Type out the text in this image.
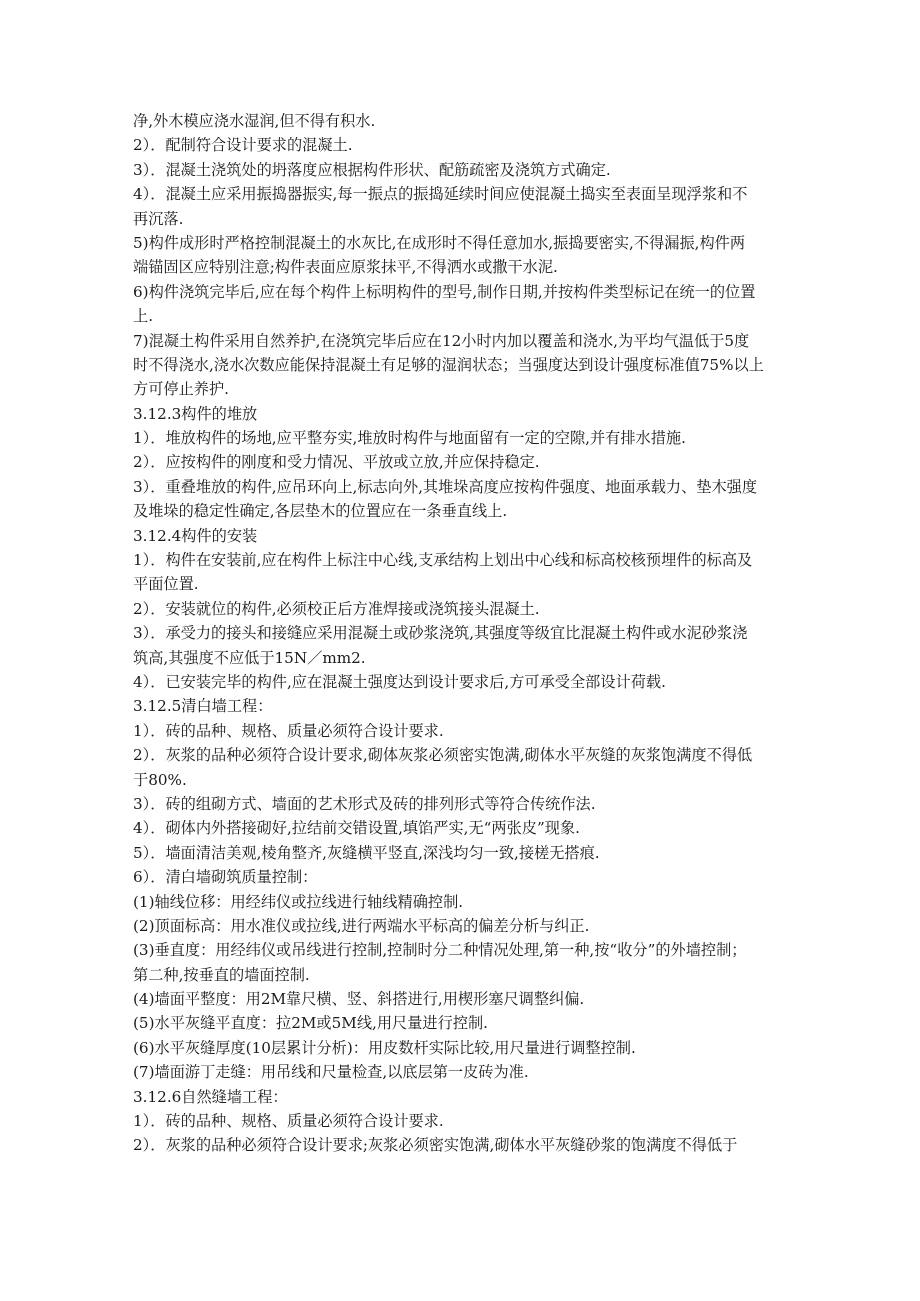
净,外木模应浇水湿润,但不得有积水.
2）．配制符合设计要求的混凝土.
3）．混凝土浇筑处的坍落度应根据构件形状、配筋疏密及浇筑方式确定.
4）．混凝土应采用振捣器振实,每一振点的振捣延续时间应使混凝土捣实至表面呈现浮浆和不
再沉落.
5)构件成形时严格控制混凝土的水灰比,在成形时不得任意加水,振捣要密实,不得漏振,构件两
端锚固区应特别注意;构件表面应原浆抹平,不得洒水或撒干水泥.
6)构件浇筑完毕后,应在每个构件上标明构件的型号,制作日期,并按构件类型标记在统一的位置
上.
7)混凝土构件采用自然养护,在浇筑完毕后应在12小时内加以覆盖和浇水,为平均气温低于5度
时不得浇水,浇水次数应能保持混凝土有足够的湿润状态；当强度达到设计强度标准值75%以上
方可停止养护.
3.12.3构件的堆放
1）．堆放构件的场地,应平整夯实,堆放时构件与地面留有一定的空隙,并有排水措施.
2）．应按构件的刚度和受力情况、平放或立放,并应保持稳定.
3）．重叠堆放的构件,应吊环向上,标志向外,其堆垛高度应按构件强度、地面承载力、垫木强度
及堆垛的稳定性确定,各层垫木的位置应在一条垂直线上.
3.12.4构件的安装
1）．构件在安装前,应在构件上标注中心线,支承结构上划出中心线和标高校核预埋件的标高及
平面位置.
2）．安装就位的构件,必须校正后方准焊接或浇筑接头混凝土.
3）．承受力的接头和接缝应采用混凝土或砂浆浇筑,其强度等级宜比混凝土构件或水泥砂浆浇
筑高,其强度不应低于15N／mm2.
4）．已安装完毕的构件,应在混凝土强度达到设计要求后,方可承受全部设计荷载.
3.12.5清白墙工程：
1）．砖的品种、规格、质量必须符合设计要求.
2）．灰浆的品种必须符合设计要求,砌体灰浆必须密实饱满,砌体水平灰缝的灰浆饱满度不得低
于80%.
3）．砖的组砌方式、墙面的艺术形式及砖的排列形式等符合传统作法.
4）．砌体内外搭接砌好,拉结前交错设置,填馅严实,无“两张皮”现象.
5）．墙面清洁美观,棱角整齐,灰缝横平竖直,深浅均匀一致,接槎无搭痕.
6）．清白墙砌筑质量控制：
(1)轴线位移：用经纬仪或拉线进行轴线精确控制.
(2)顶面标高：用水准仪或拉线,进行两端水平标高的偏差分析与纠正.
(3)垂直度：用经纬仪或吊线进行控制,控制时分二种情况处理,第一种,按“收分”的外墙控制；
第二种,按垂直的墙面控制.
(4)墙面平整度：用2M靠尺横、竖、斜搭进行,用楔形塞尺调整纠偏.
(5)水平灰缝平直度：拉2M或5M线,用尺量进行控制.
(6)水平灰缝厚度(10层累计分析)：用皮数杆实际比较,用尺量进行调整控制.
(7)墙面游丁走缝：用吊线和尺量检查,以底层第一皮砖为准.
3.12.6自然缝墙工程：
1）．砖的品种、规格、质量必须符合设计要求.
2）．灰浆的品种必须符合设计要求;灰浆必须密实饱满,砌体水平灰缝砂浆的饱满度不得低于
